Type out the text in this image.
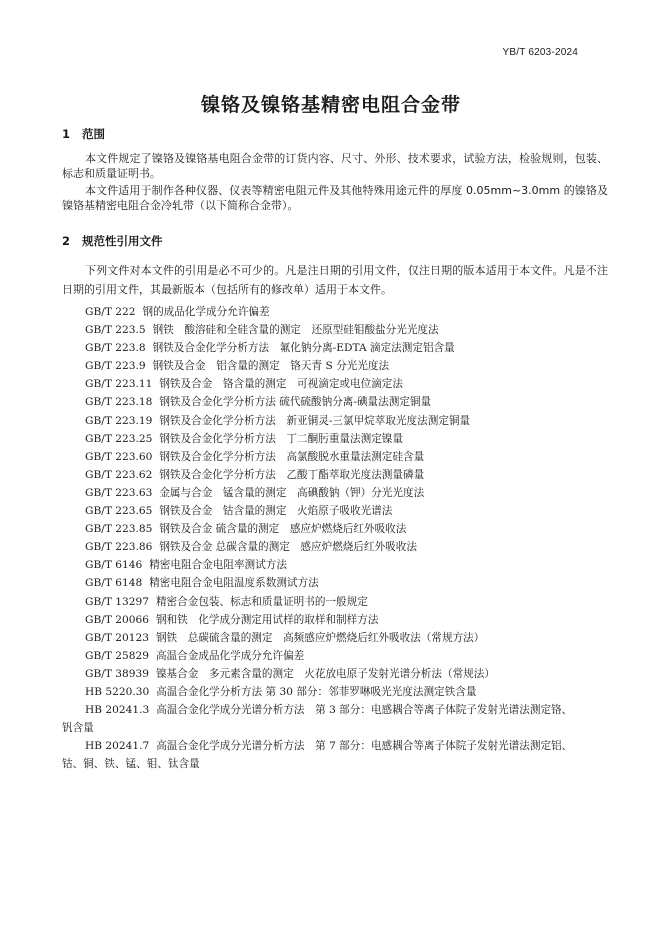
YB/T 6203-2024
镍铬及镍铬基精密电阻合金带
1 范围
本文件规定了镍铬及镍铬基电阻合金带的订货内容、尺寸、外形、技术要求，试验方法，检验规则，包装、标志和质量证明书。
本文件适用于制作各种仪器、仪表等精密电阻元件及其他特殊用途元件的厚度 0.05mm~3.0mm 的镍铬及镍铬基精密电阻合金冷轧带（以下简称合金带）。
2 规范性引用文件
下列文件对本文件的引用是必不可少的。凡是注日期的引用文件，仅注日期的版本适用于本文件。凡是不注日期的引用文件，其最新版本（包括所有的修改单）适用于本文件。
GB/T 222 钢的成品化学成分允许偏差
GB/T 223.5 钢铁　酸溶硅和全硅含量的测定　还原型硅钼酸盐分光光度法
GB/T 223.8 钢铁及合金化学分析方法　氟化钠分离-EDTA 滴定法测定铝含量
GB/T 223.9 钢铁及合金　铝含量的测定　铬天青 S 分光光度法
GB/T 223.11 钢铁及合金　铬含量的测定　可视滴定或电位滴定法
GB/T 223.18 钢铁及合金化学分析方法 硫代硫酸钠分离-碘量法测定铜量
GB/T 223.19 钢铁及合金化学分析方法　新亚铜灵-三氯甲烷萃取光度法测定铜量
GB/T 223.25 钢铁及合金化学分析方法　丁二酮肟重量法测定镍量
GB/T 223.60 钢铁及合金化学分析方法　高氯酸脱水重量法测定硅含量
GB/T 223.62 钢铁及合金化学分析方法　乙酸丁酯萃取光度法测量磷量
GB/T 223.63 金属与合金　锰含量的测定　高碘酸钠（钾）分光光度法
GB/T 223.65 钢铁及合金　钴含量的测定　火焰原子吸收光谱法
GB/T 223.85 钢铁及合金 硫含量的测定　感应炉燃烧后红外吸收法
GB/T 223.86 钢铁及合金 总碳含量的测定　感应炉燃烧后红外吸收法
GB/T 6146 精密电阻合金电阻率测试方法
GB/T 6148 精密电阻合金电阻温度系数测试方法
GB/T 13297 精密合金包装、标志和质量证明书的一般规定
GB/T 20066 钢和铁　化学成分测定用试样的取样和制样方法
GB/T 20123 钢铁　总碳硫含量的测定　高频感应炉燃烧后红外吸收法（常规方法）
GB/T 25829 高温合金成品化学成分允许偏差
GB/T 38939 镍基合金　多元素含量的测定　火花放电原子发射光谱分析法（常规法）
HB 5220.30 高温合金化学分析方法 第 30 部分：邻菲罗啉吸光光度法测定铁含量
HB 20241.3 高温合金化学成分光谱分析方法　第 3 部分：电感耦合等离子体院子发射光谱法测定铬、
钒含量
HB 20241.7 高温合金化学成分光谱分析方法　第 7 部分：电感耦合等离子体院子发射光谱法测定铝、
钴、铜、铁、锰、钼、钛含量
